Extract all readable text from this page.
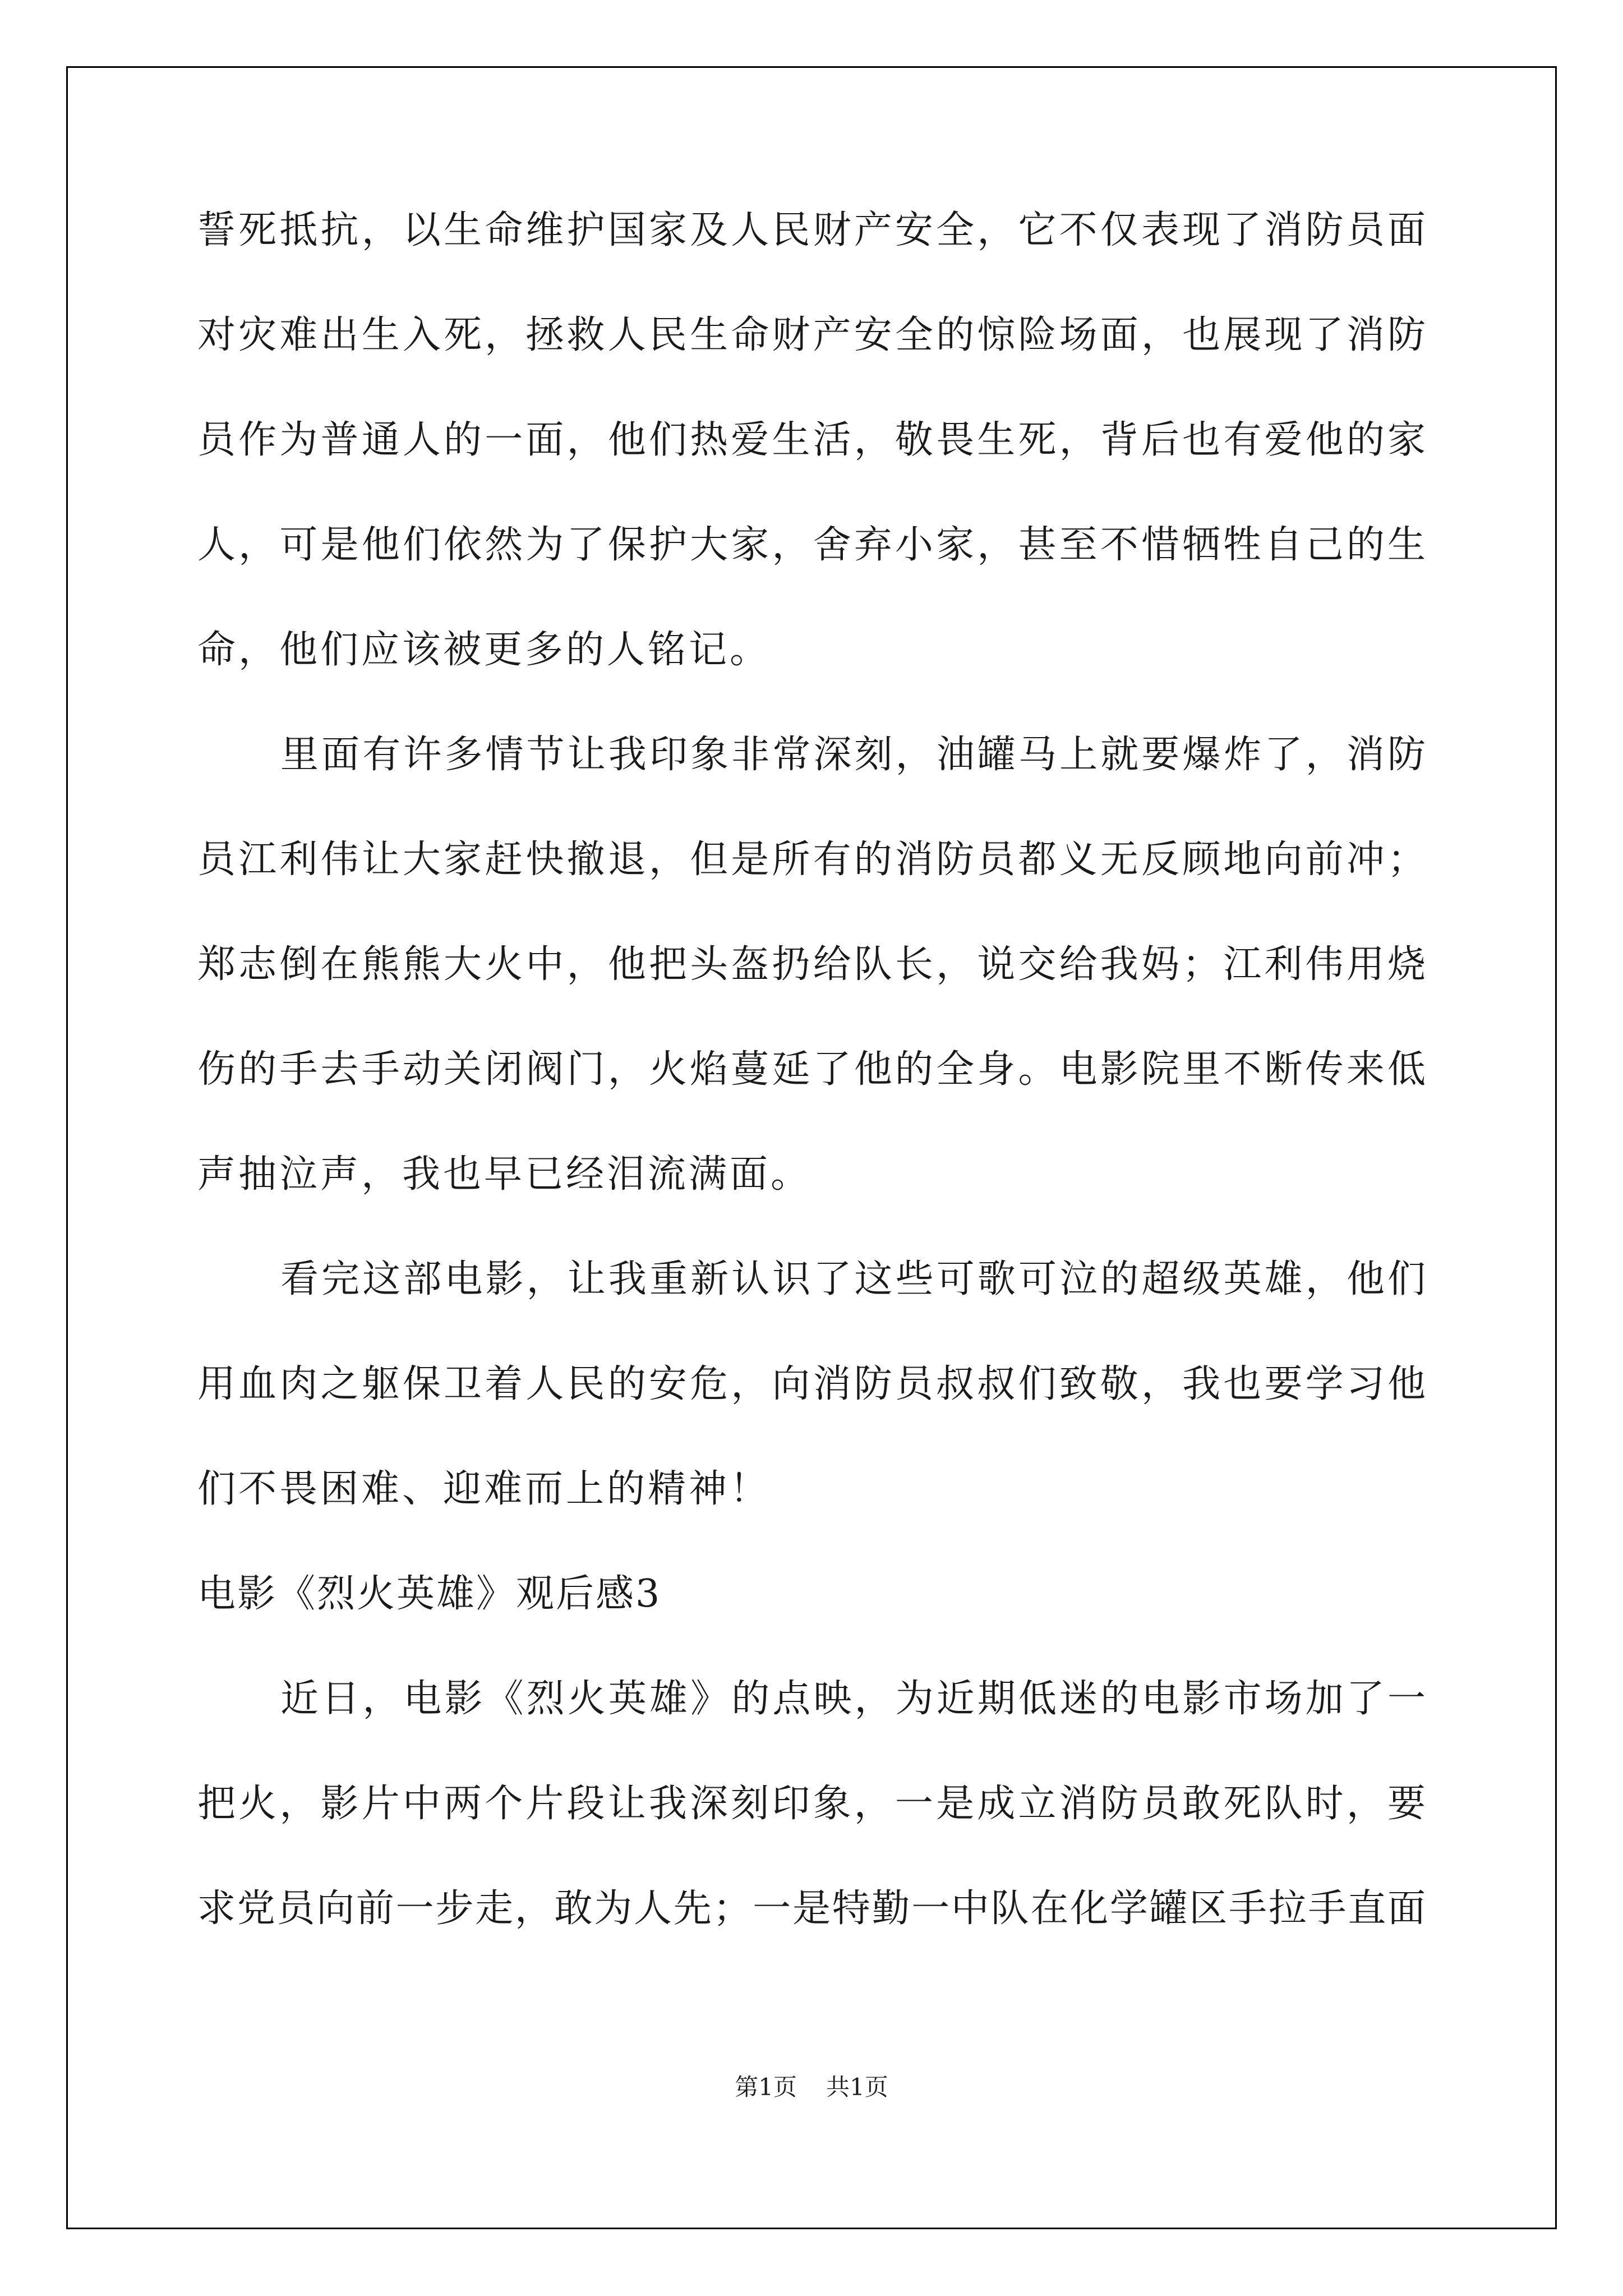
誓死抵抗，以生命维护国家及人民财产安全，它不仅表现了消防员面
对灾难出生入死，拯救人民生命财产安全的惊险场面，也展现了消防
员作为普通人的一面，他们热爱生活，敬畏生死，背后也有爱他的家
人，可是他们依然为了保护大家，舍弃小家，甚至不惜牺牲自己的生
命，他们应该被更多的人铭记。
里面有许多情节让我印象非常深刻，油罐马上就要爆炸了，消防
员江利伟让大家赶快撤退，但是所有的消防员都义无反顾地向前冲；
郑志倒在熊熊大火中，他把头盔扔给队长，说交给我妈；江利伟用烧
伤的手去手动关闭阀门，火焰蔓延了他的全身。电影院里不断传来低
声抽泣声，我也早已经泪流满面。
看完这部电影，让我重新认识了这些可歌可泣的超级英雄，他们
用血肉之躯保卫着人民的安危，向消防员叔叔们致敬，我也要学习他
们不畏困难、迎难而上的精神！
电影《烈火英雄》观后感3
近日，电影《烈火英雄》的点映，为近期低迷的电影市场加了一
把火，影片中两个片段让我深刻印象，一是成立消防员敢死队时，要
求党员向前一步走，敢为人先；一是特勤一中队在化学罐区手拉手直面
第1页 共1页
